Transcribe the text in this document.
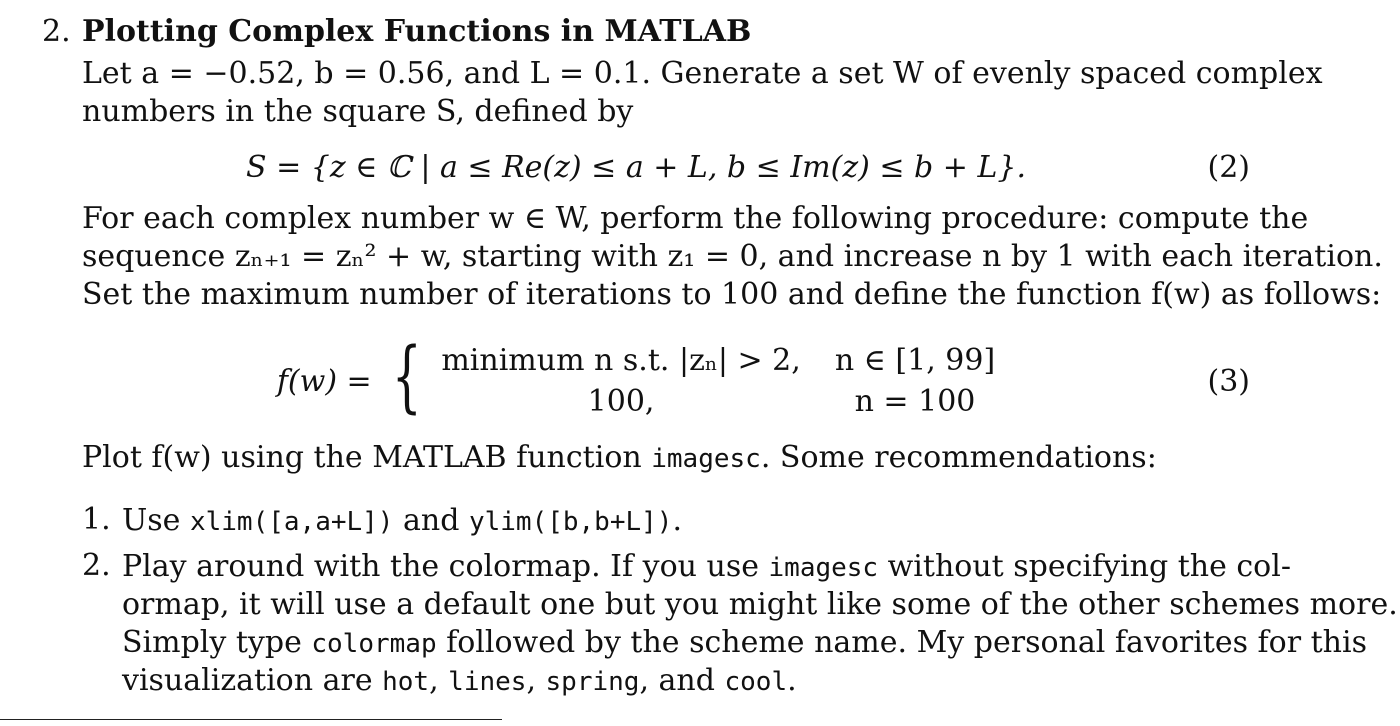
2. Plotting Complex Functions in MATLAB
Let a = −0.52, b = 0.56, and L = 0.1. Generate a set W of evenly spaced complex
numbers in the square S, defined by
S = {z ∈ ℂ | a ≤ Re(z) ≤ a + L, b ≤ Im(z) ≤ b + L}.	(2)
For each complex number w ∈ W, perform the following procedure: compute the
sequence zₙ₊₁ = zₙ² + w, starting with z₁ = 0, and increase n by 1 with each iteration.
Set the maximum number of iterations to 100 and define the function f(w) as follows:
f(w) = { minimum n s.t. |zₙ| > 2, n ∈ [1, 99]
100,	n = 100
(3)
Plot f(w) using the MATLAB function imagesc. Some recommendations:
1. Use xlim([a,a+L]) and ylim([b,b+L]).
2. Play around with the colormap. If you use imagesc without specifying the col-
ormap, it will use a default one but you might like some of the other schemes more.
Simply type colormap followed by the scheme name. My personal favorites for this
visualization are hot, lines, spring, and cool.
